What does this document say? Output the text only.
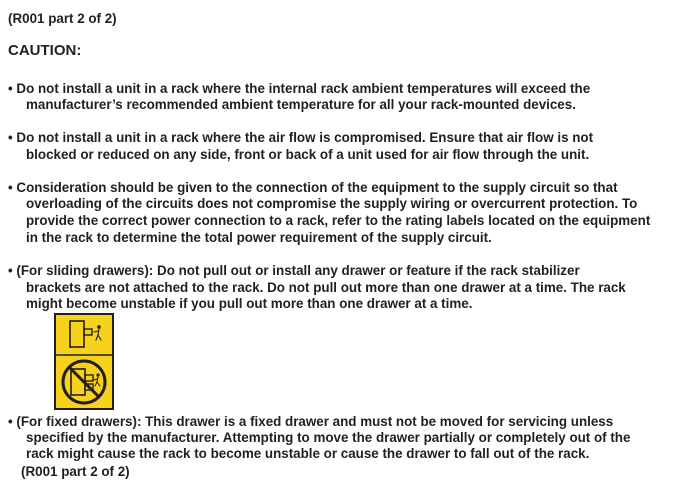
(R001 part 2 of 2)
CAUTION:
• Do not install a unit in a rack where the internal rack ambient temperatures will exceed the
manufacturer’s recommended ambient temperature for all your rack-mounted devices.
• Do not install a unit in a rack where the air flow is compromised. Ensure that air flow is not
blocked or reduced on any side, front or back of a unit used for air flow through the unit.
• Consideration should be given to the connection of the equipment to the supply circuit so that
overloading of the circuits does not compromise the supply wiring or overcurrent protection. To
provide the correct power connection to a rack, refer to the rating labels located on the equipment
in the rack to determine the total power requirement of the supply circuit.
• (For sliding drawers): Do not pull out or install any drawer or feature if the rack stabilizer
brackets are not attached to the rack. Do not pull out more than one drawer at a time. The rack
might become unstable if you pull out more than one drawer at a time.
• (For fixed drawers): This drawer is a fixed drawer and must not be moved for servicing unless
specified by the manufacturer. Attempting to move the drawer partially or completely out of the
rack might cause the rack to become unstable or cause the drawer to fall out of the rack.
(R001 part 2 of 2)
